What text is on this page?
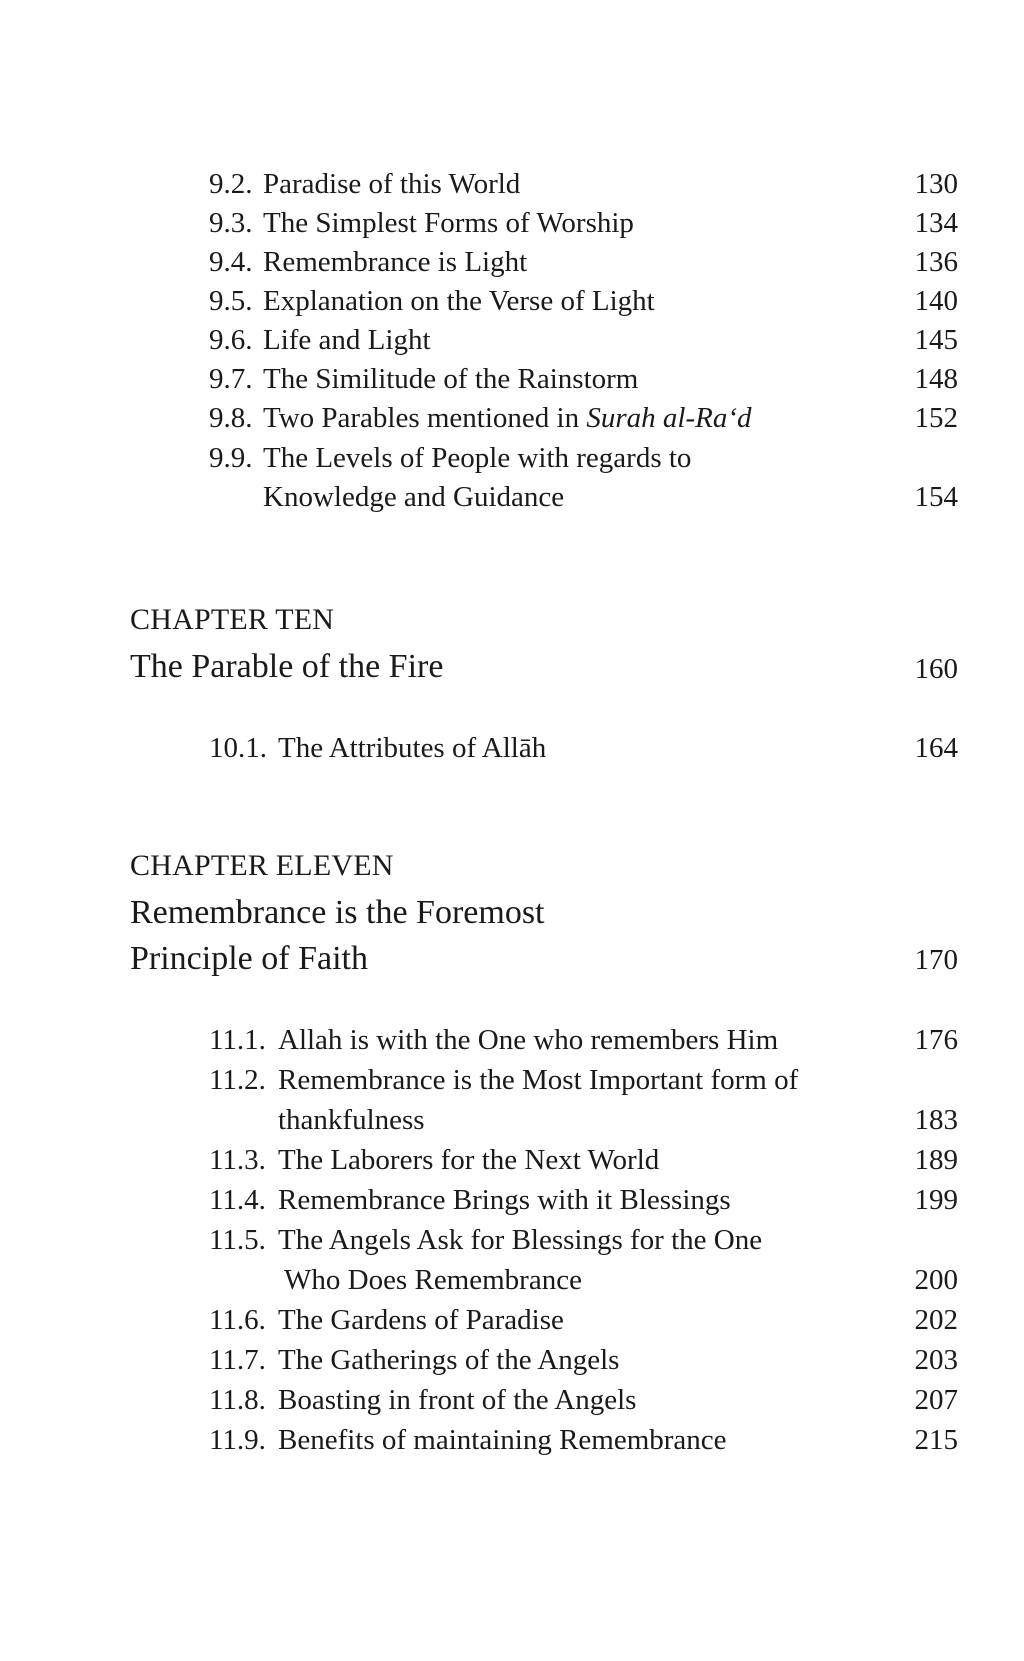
9.2. Paradise of this World	130
9.3. The Simplest Forms of Worship	134
9.4. Remembrance is Light	136
9.5. Explanation on the Verse of Light	140
9.6. Life and Light	145
9.7. The Similitude of the Rainstorm	148
9.8. Two Parables mentioned in Surah al-Ra‘d	152
9.9. The Levels of People with regards to
Knowledge and Guidance	154
CHAPTER TEN
The Parable of the Fire	160
10.1. The Attributes of Allāh	164
CHAPTER ELEVEN
Remembrance is the Foremost
Principle of Faith	170
11.1. Allah is with the One who remembers Him	176
11.2. Remembrance is the Most Important form of
thankfulness	183
11.3. The Laborers for the Next World	189
11.4. Remembrance Brings with it Blessings	199
11.5. The Angels Ask for Blessings for the One
Who Does Remembrance	200
11.6. The Gardens of Paradise	202
11.7. The Gatherings of the Angels	203
11.8. Boasting in front of the Angels	207
11.9. Benefits of maintaining Remembrance	215
